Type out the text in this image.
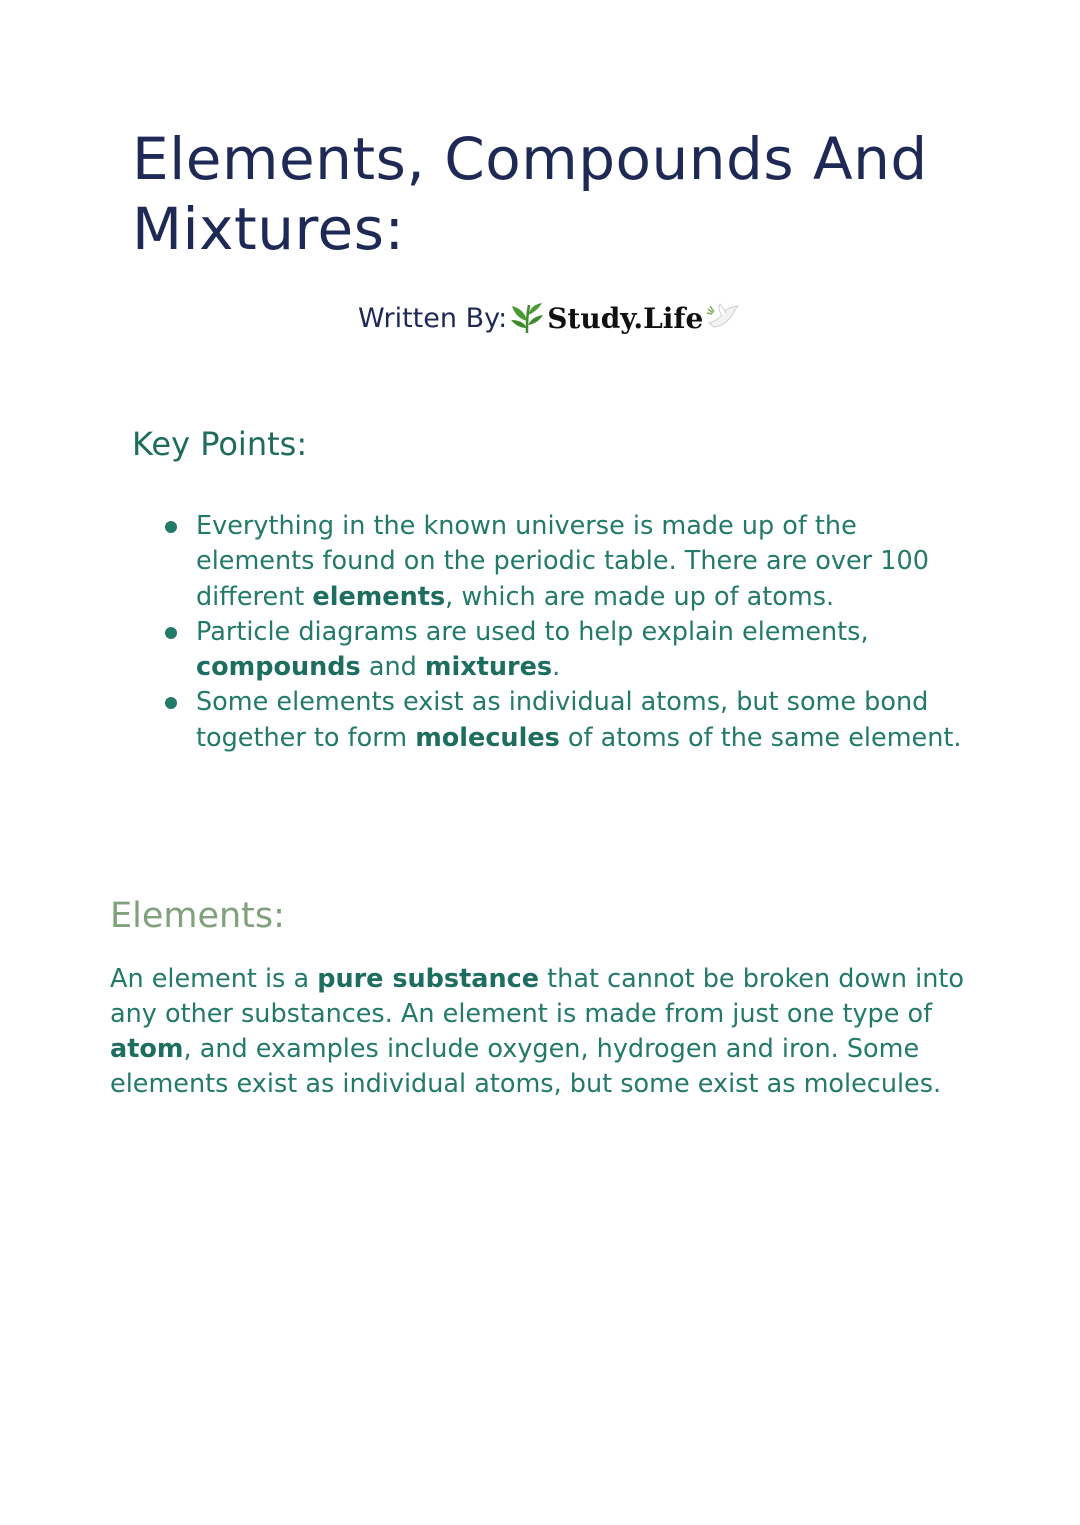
Elements, Compounds And
Mixtures:
Written By: Study.Life
Key Points:
Everything in the known universe is made up of the elements found on the periodic table. There are over 100 different elements, which are made up of atoms.
Particle diagrams are used to help explain elements, compounds and mixtures.
Some elements exist as individual atoms, but some bond together to form molecules of atoms of the same element.
Elements:

An element is a pure substance that cannot be broken down into any other substances. An element is made from just one type of atom, and examples include oxygen, hydrogen and iron. Some elements exist as individual atoms, but some exist as molecules.
